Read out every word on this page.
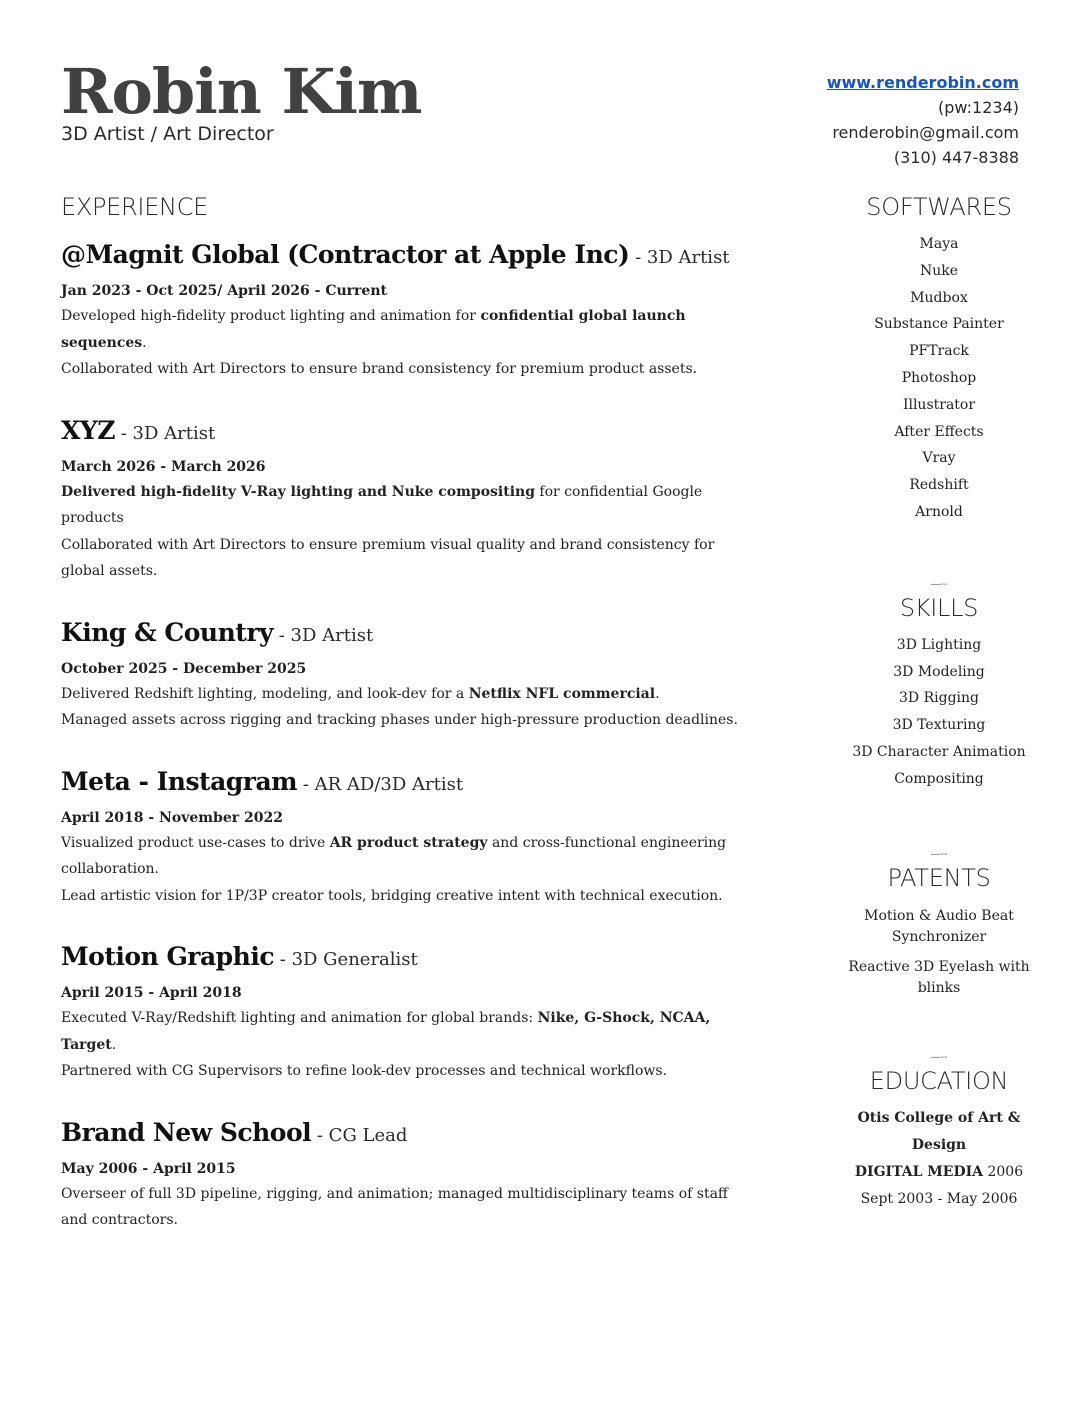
Robin Kim
3D Artist / Art Director
www.renderobin.com
(pw:1234)
renderobin@gmail.com
(310) 447-8388
EXPERIENCE
@Magnit Global (Contractor at Apple Inc) - 3D Artist
Jan 2023 - Oct 2025/ April 2026 - Current
Developed high-fidelity product lighting and animation for confidential global launch sequences.
Collaborated with Art Directors to ensure brand consistency for premium product assets.
XYZ - 3D Artist
March 2026 - March 2026
Delivered high-fidelity V-Ray lighting and Nuke compositing for confidential Google products
Collaborated with Art Directors to ensure premium visual quality and brand consistency for global assets.
King & Country - 3D Artist
October 2025 - December 2025
Delivered Redshift lighting, modeling, and look-dev for a Netflix NFL commercial.
Managed assets across rigging and tracking phases under high-pressure production deadlines.
Meta - Instagram - AR AD/3D Artist
April 2018 - November 2022
Visualized product use-cases to drive AR product strategy and cross-functional engineering collaboration.
Lead artistic vision for 1P/3P creator tools, bridging creative intent with technical execution.
Motion Graphic - 3D Generalist
April 2015 - April 2018
Executed V-Ray/Redshift lighting and animation for global brands: Nike, G-Shock, NCAA, Target.
Partnered with CG Supervisors to refine look-dev processes and technical workflows.
Brand New School - CG Lead
May 2006 - April 2015
Overseer of full 3D pipeline, rigging, and animation; managed multidisciplinary teams of staff and contractors.
SOFTWARES
Maya
Nuke
Mudbox
Substance Painter
PFTrack
Photoshop
Illustrator
After Effects
Vray
Redshift
Arnold
—--
SKILLS
3D Lighting
3D Modeling
3D Rigging
3D Texturing
3D Character Animation
Compositing
—--
PATENTS
Motion & Audio Beat Synchronizer
Reactive 3D Eyelash with blinks
—--
EDUCATION
Otis College of Art & Design
DIGITAL MEDIA 2006
Sept 2003 - May 2006
